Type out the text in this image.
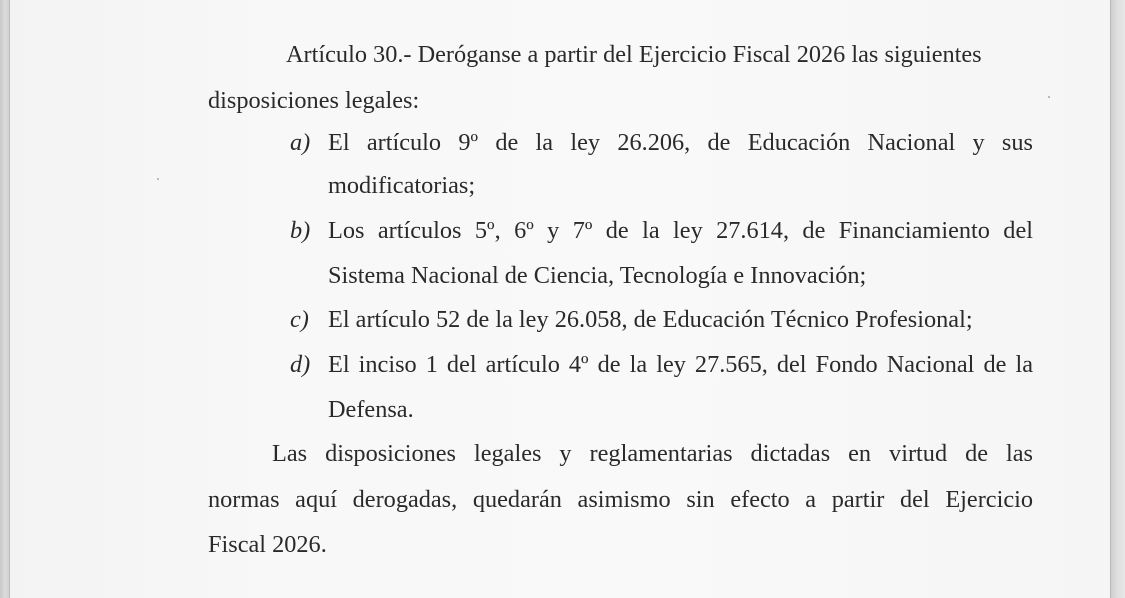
Artículo 30.- Deróganse a partir del Ejercicio Fiscal 2026 las siguientes
disposiciones legales:
a) El artículo 9º de la ley 26.206, de Educación Nacional y sus
modificatorias;
b) Los artículos 5º, 6º y 7º de la ley 27.614, de Financiamiento del
Sistema Nacional de Ciencia, Tecnología e Innovación;
c) El artículo 52 de la ley 26.058, de Educación Técnico Profesional;
d) El inciso 1 del artículo 4º de la ley 27.565, del Fondo Nacional de la
Defensa.
Las disposiciones legales y reglamentarias dictadas en virtud de las
normas aquí derogadas, quedarán asimismo sin efecto a partir del Ejercicio
Fiscal 2026.
